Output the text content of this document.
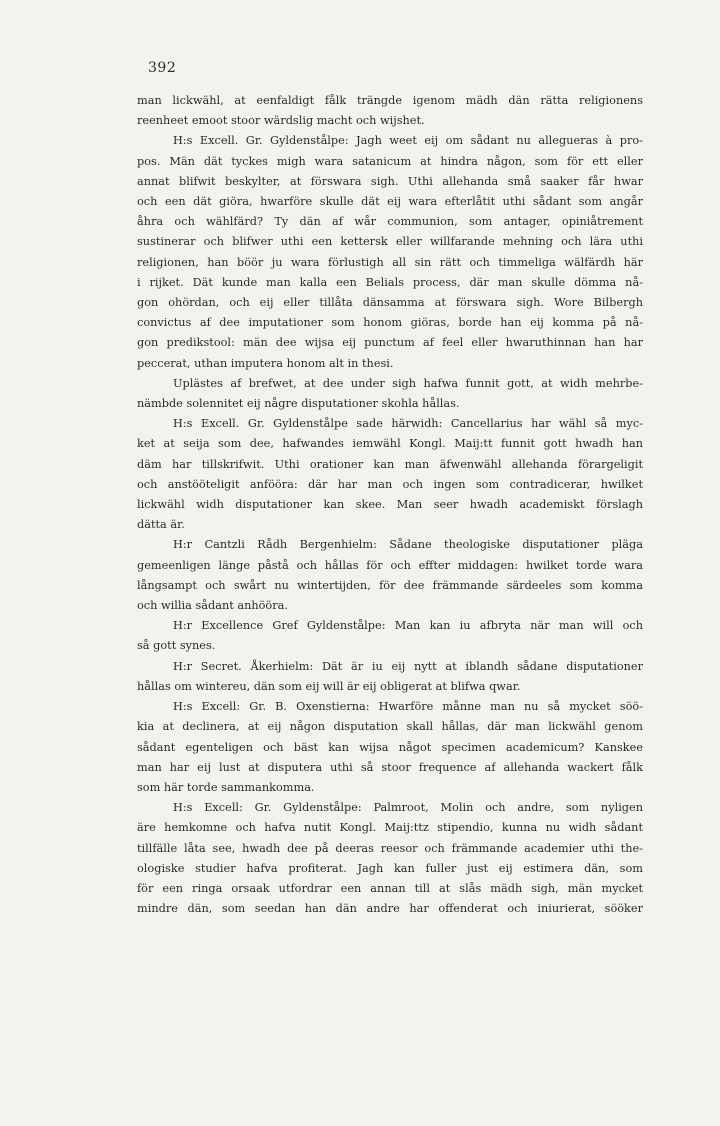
392

man lickwähl, at eenfaldigt fålk trängde igenom mädh dän rätta religionens

reenheet emoot stoor wärdslig macht och wijshet.

H:s Excell. Gr. Gyldenstålpe: Jagh weet eij om sådant nu allegueras à pro-

pos. Män dät tyckes migh wara satanicum at hindra någon, som för ett eller

annat blifwit beskylter, at förswara sigh. Uthi allehanda små saaker får hwar

och een dät giöra, hwarföre skulle dät eij wara efterlåtit uthi sådant som angår

åhra och wählfärd? Ty dän af wår communion, som antager, opiniåtrement

sustinerar och blifwer uthi een kettersk eller willfarande mehning och lära uthi

religionen, han böör ju wara förlustigh all sin rätt och timmeliga wälfärdh här

i rijket. Dät kunde man kalla een Belials process, där man skulle dömma nå-

gon ohördan, och eij eller tillåta dänsamma at förswara sigh. Wore Bilbergh

convictus af dee imputationer som honom giöras, borde han eij komma på nå-

gon predikstool: män dee wijsa eij punctum af feel eller hwaruthinnan han har

peccerat, uthan imputera honom alt in thesi.

Uplästes af brefwet, at dee under sigh hafwa funnit gott, at widh mehrbe-

nämbde solennitet eij någre disputationer skohla hållas.

H:s Excell. Gr. Gyldenstålpe sade härwidh: Cancellarius har wähl så myc-

ket at seija som dee, hafwandes iemwähl Kongl. Maij:tt funnit gott hwadh han

däm har tillskrifwit. Uthi orationer kan man äfwenwähl allehanda förargeligit

och anstööteligit anfööra: där har man och ingen som contradicerar, hwilket

lickwähl widh disputationer kan skee. Man seer hwadh academiskt förslagh

dätta är.

H:r Cantzli Rådh Bergenhielm: Sådane theologiske disputationer pläga

gemeenligen länge påstå och hållas för och effter middagen: hwilket torde wara

långsampt och swårt nu wintertijden, för dee främmande särdeeles som komma

och willia sådant anhööra.

H:r Excellence Gref Gyldenstålpe: Man kan iu afbryta när man will och

så gott synes.

H:r Secret. Åkerhielm: Dät är iu eij nytt at iblandh sådane disputationer

hållas om wintereu, dän som eij will är eij obligerat at blifwa qwar.

H:s Excell: Gr. B. Oxenstierna: Hwarföre månne man nu så mycket söö-

kia at declinera, at eij någon disputation skall hållas, där man lickwähl genom

sådant egenteligen och bäst kan wijsa något specimen academicum? Kanskee

man har eij lust at disputera uthi så stoor frequence af allehanda wackert fålk

som här torde sammankomma.

H:s Excell: Gr. Gyldenstålpe: Palmroot, Molin och andre, som nyligen

äre hemkomne och hafva nutit Kongl. Maij:ttz stipendio, kunna nu widh sådant

tillfälle låta see, hwadh dee på deeras reesor och främmande academier uthi the-

ologiske studier hafva profiterat. Jagh kan fuller just eij estimera dän, som

för een ringa orsaak utfordrar een annan till at slås mädh sigh, män mycket

mindre dän, som seedan han dän andre har offenderat och iniurierat, sööker
